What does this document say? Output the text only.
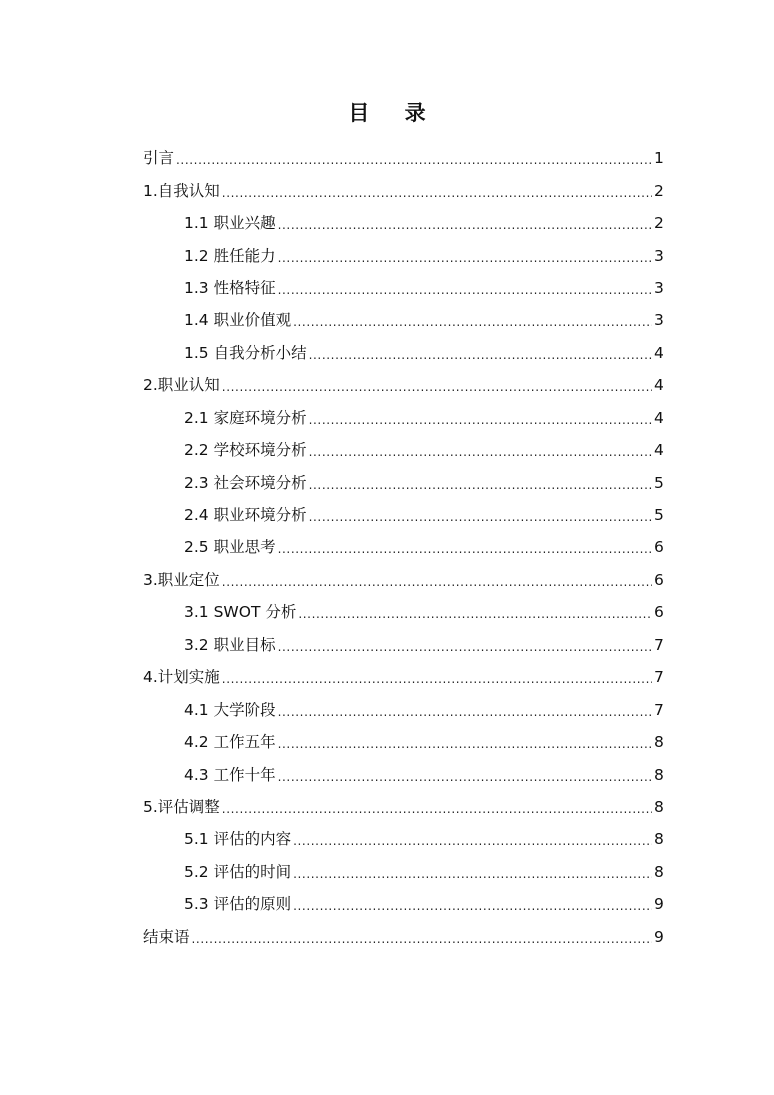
目 录
引言 .....	1
1.自我认知 .....	2
1.1 职业兴趣 .....	2
1.2 胜任能力 .....	3
1.3 性格特征 .....	3
1.4 职业价值观 .....	3
1.5 自我分析小结 .....	4
2.职业认知 .....	4
2.1 家庭环境分析 .....	4
2.2 学校环境分析 .....	4
2.3 社会环境分析 .....	5
2.4 职业环境分析 .....	5
2.5 职业思考 .....	6
3.职业定位 .....	6
3.1 SWOT 分析 .....	6
3.2 职业目标 .....	7
4.计划实施 .....	7
4.1 大学阶段 .....	7
4.2 工作五年 .....	8
4.3 工作十年 .....	8
5.评估调整 .....	8
5.1 评估的内容 .....	8
5.2 评估的时间 .....	8
5.3 评估的原则 .....	9
结束语 .....	9
